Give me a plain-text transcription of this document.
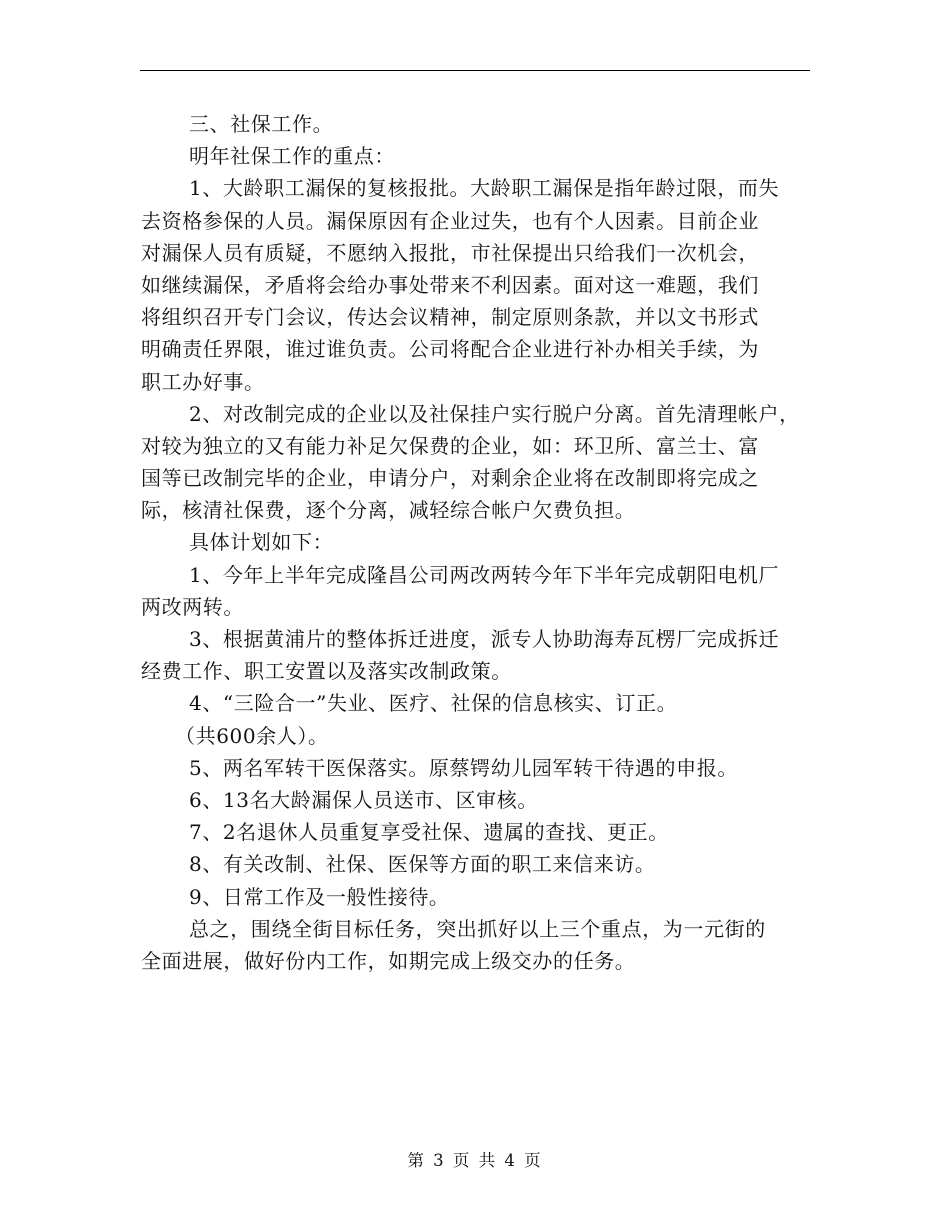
三、社保工作。
明年社保工作的重点：
1、大龄职工漏保的复核报批。大龄职工漏保是指年龄过限，而失
去资格参保的人员。漏保原因有企业过失，也有个人因素。目前企业
对漏保人员有质疑，不愿纳入报批，市社保提出只给我们一次机会，
如继续漏保，矛盾将会给办事处带来不利因素。面对这一难题，我们
将组织召开专门会议，传达会议精神，制定原则条款，并以文书形式
明确责任界限，谁过谁负责。公司将配合企业进行补办相关手续，为
职工办好事。
2、对改制完成的企业以及社保挂户实行脱户分离。首先清理帐户，
对较为独立的又有能力补足欠保费的企业，如：环卫所、富兰士、富
国等已改制完毕的企业，申请分户，对剩余企业将在改制即将完成之
际，核清社保费，逐个分离，减轻综合帐户欠费负担。
具体计划如下：
1、今年上半年完成隆昌公司两改两转今年下半年完成朝阳电机厂
两改两转。
3、根据黄浦片的整体拆迁进度，派专人协助海寿瓦楞厂完成拆迁
经费工作、职工安置以及落实改制政策。
4、“三险合一”失业、医疗、社保的信息核实、订正。
（共600余人）。
5、两名军转干医保落实。原蔡锷幼儿园军转干待遇的申报。
6、13名大龄漏保人员送市、区审核。
7、2名退休人员重复享受社保、遗属的查找、更正。
8、有关改制、社保、医保等方面的职工来信来访。
9、日常工作及一般性接待。
总之，围绕全街目标任务，突出抓好以上三个重点，为一元街的
全面进展，做好份内工作，如期完成上级交办的任务。
第 3 页 共 4 页
